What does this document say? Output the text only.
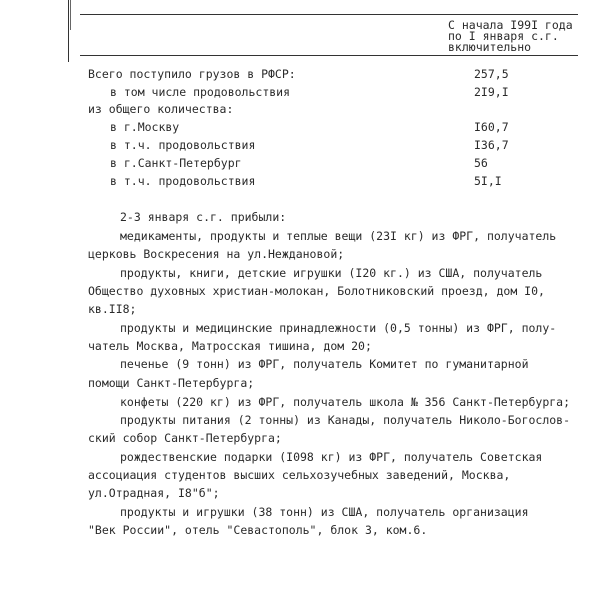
С начала I99I года
по I января с.г.
включительно
Всего поступило грузов в РФСР:	257,5
в том числе продовольствия	2I9,I
из общего количества:
в г.Москву	I60,7
в т.ч. продовольствия	I36,7
в г.Санкт-Петербург	56
в т.ч. продовольствия	5I,I
2-3 января с.г. прибыли:
медикаменты, продукты и теплые вещи (23I кг) из ФРГ, получатель
церковь Воскресения на ул.Неждановой;
продукты, книги, детские игрушки (I20 кг.) из США, получатель
Общество духовных христиан-молокан, Болотниковский проезд, дом I0,
кв.II8;
продукты и медицинские принадлежности (0,5 тонны) из ФРГ, полу-
чатель Москва, Матросская тишина, дом 20;
печенье (9 тонн) из ФРГ, получатель Комитет по гуманитарной
помощи Санкт-Петербурга;
конфеты (220 кг) из ФРГ, получатель школа № 356 Санкт-Петербурга;
продукты питания (2 тонны) из Канады, получатель Николо-Богослов-
ский собор Санкт-Петербурга;
рождественские подарки (I098 кг) из ФРГ, получатель Советская
ассоциация студентов высших сельхозучебных заведений, Москва,
ул.Отрадная, I8"б";
продукты и игрушки (38 тонн) из США, получатель организация
"Век России", отель "Севастополь", блок 3, ком.6.
